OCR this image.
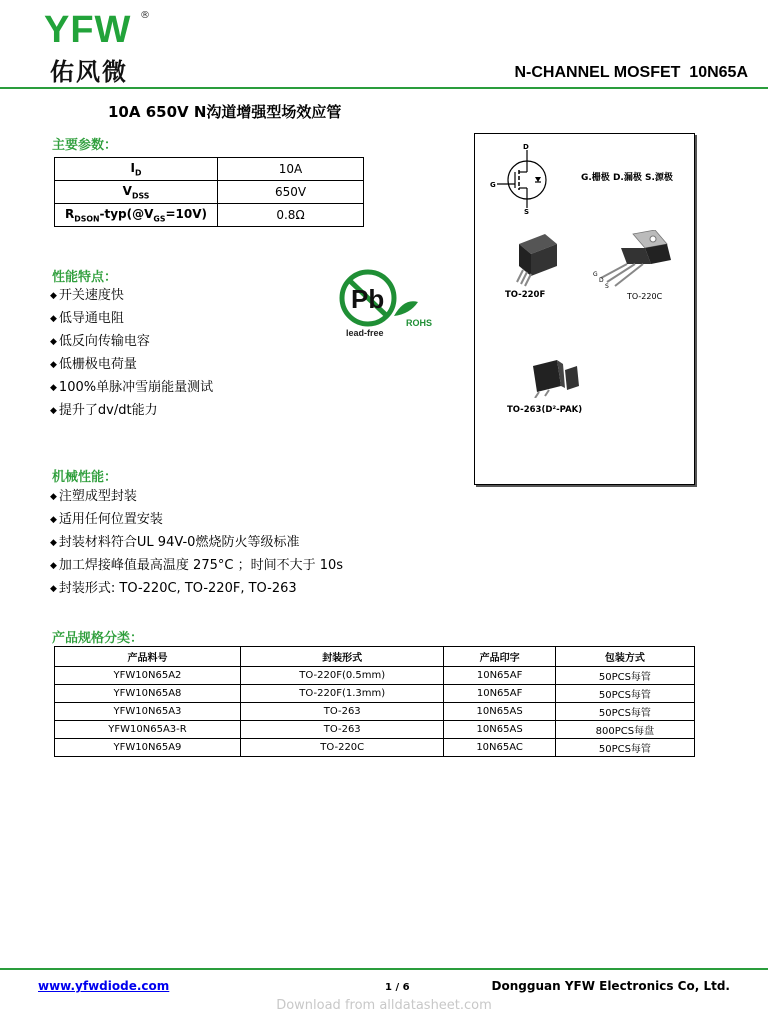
YFW ®
佑风微	N-CHANNEL MOSFET  10N65A
10A 650V N沟道增强型场效应管
主要参数：
$I_D$	10A
$V_{DSS}$	650V
$R_{DSON}-typ(@V_{GS}=10V)$	0.8Ω
性能特点：
◆ 开关速度快
◆ 低导通电阻
◆ 低反向传输电容
◆ 低栅极电荷量
◆ 100%单脉冲雪崩能量测试
◆ 提升了dv/dt能力
Pb
lead-free
ROHS
D
G
S
G.栅极 D.漏极 S.源极
TO-220F
G
D
S
TO-220C
TO-263(D²-PAK)
机械性能：
◆ 注塑成型封装
◆ 适用任何位置安装
◆ 封装材料符合UL 94V-0燃烧防火等级标准
◆ 加工焊接峰值最高温度 275°C ；时间不大于 10s
◆ 封装形式: TO-220C, TO-220F, TO-263
产品规格分类：
产品料号	封装形式	产品印字	包装方式
YFW10N65A2	TO-220F(0.5mm)	10N65AF	50PCS每管
YFW10N65A8	TO-220F(1.3mm)	10N65AF	50PCS每管
YFW10N65A3	TO-263	10N65AS	50PCS每管
YFW10N65A3-R	TO-263	10N65AS	800PCS每盘
YFW10N65A9	TO-220C	10N65AC	50PCS每管
www.yfwdiode.com	1 / 6	Dongguan YFW Electronics Co, Ltd.
Download from alldatasheet.com
